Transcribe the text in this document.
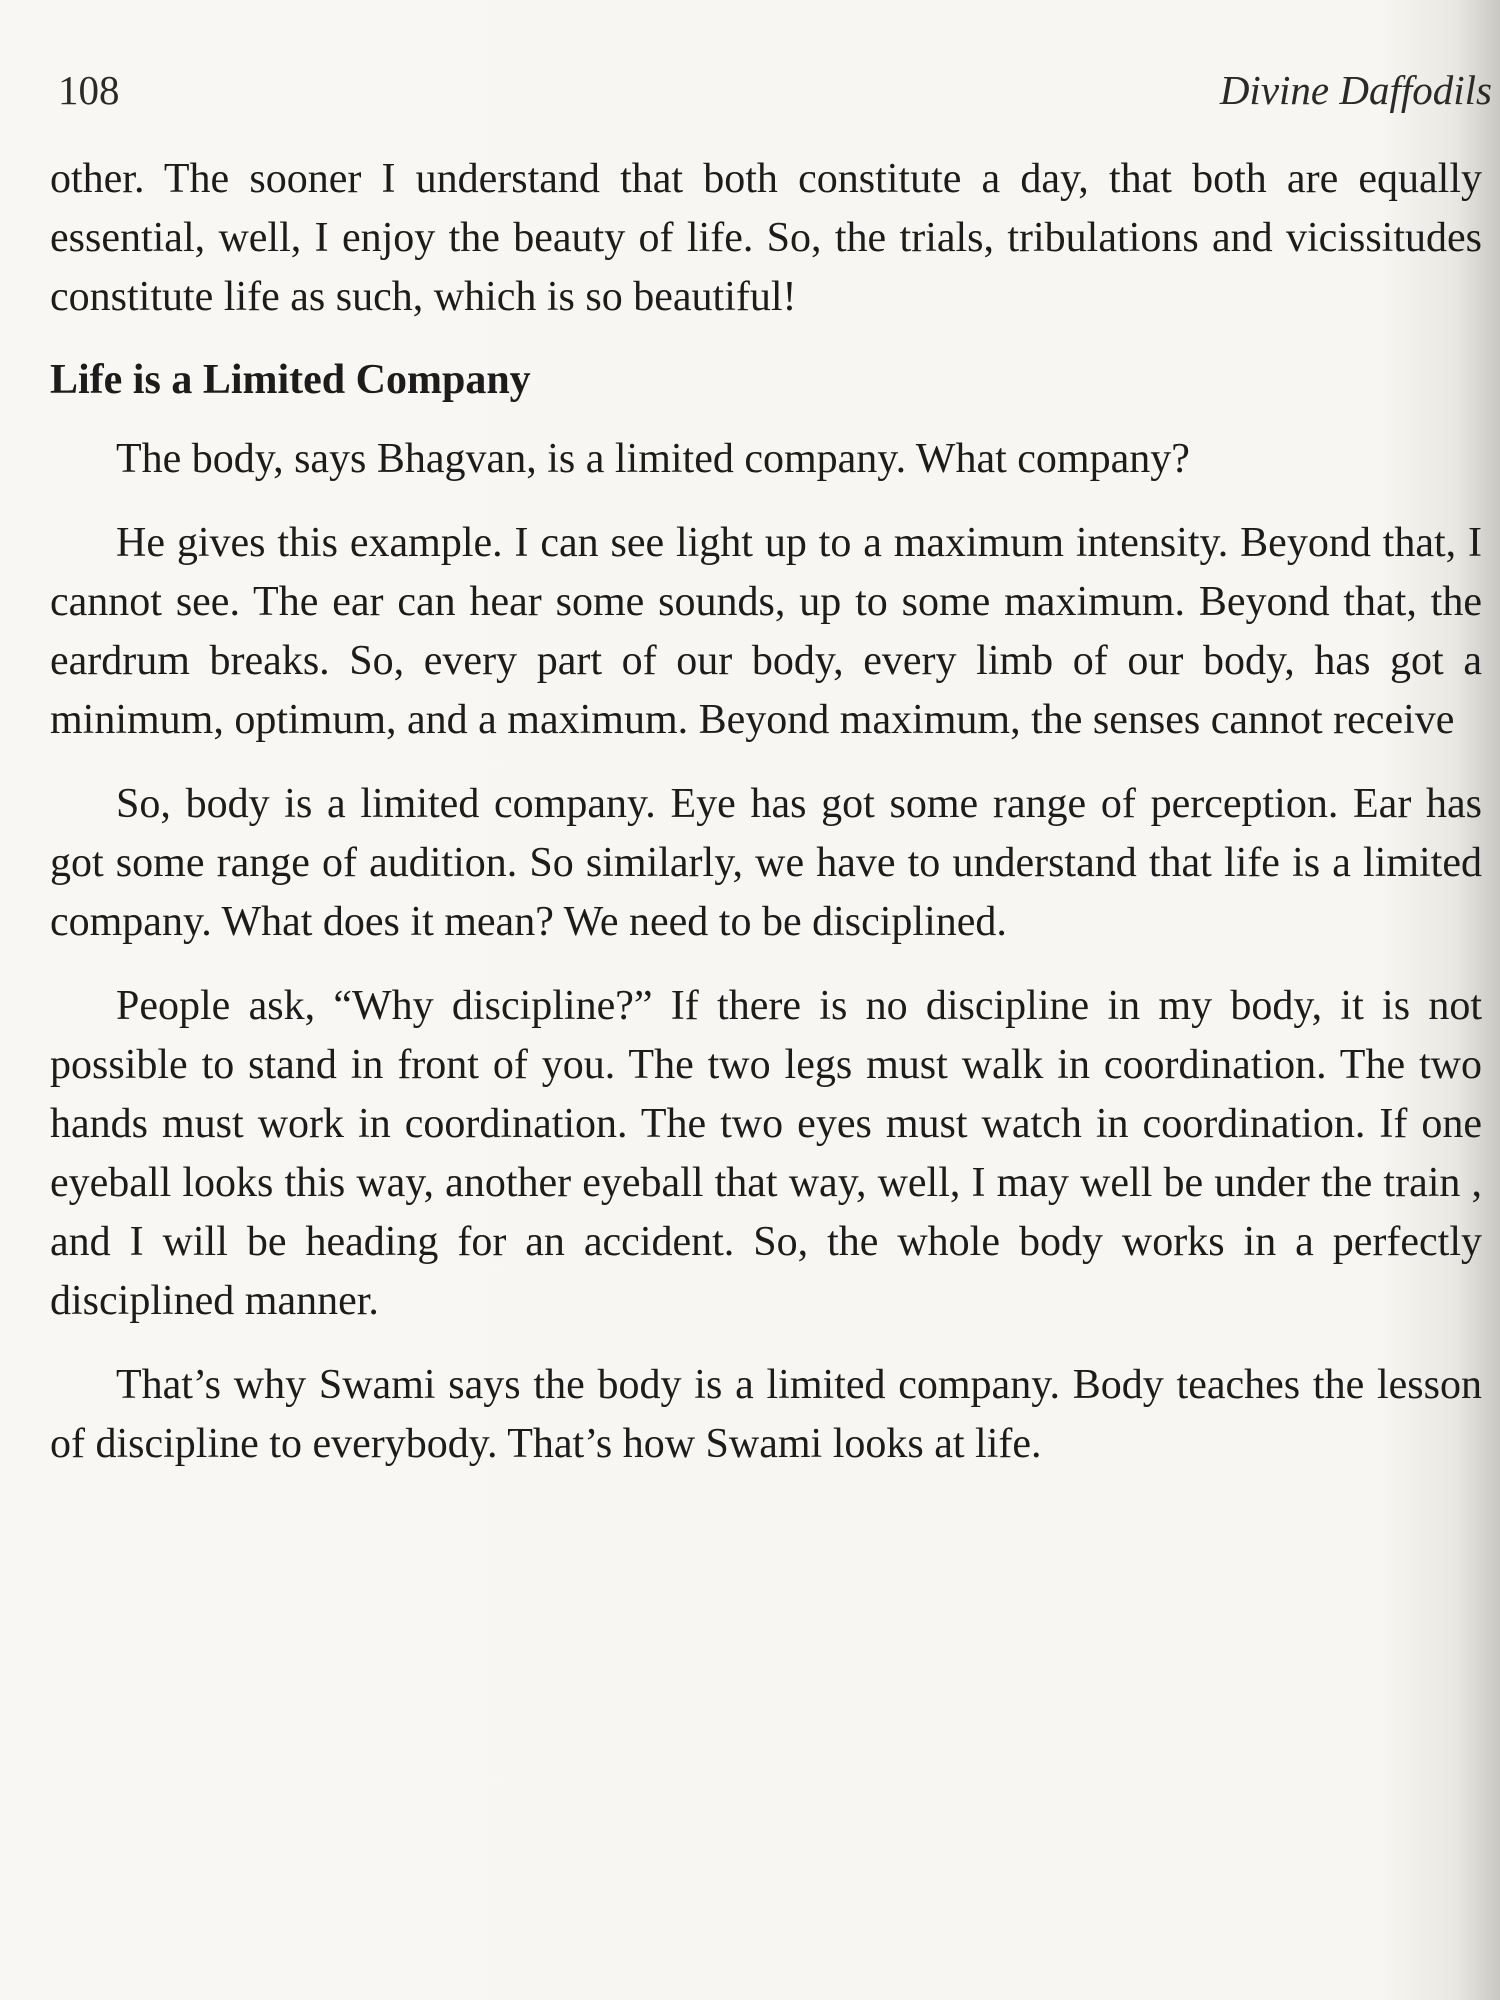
108	Divine Daffodils

other. The sooner I understand that both constitute a day, that both are equally essential, well, I enjoy the beauty of life. So, the trials, tribulations and vicissitudes constitute life as such, which is so beautiful!

Life is a Limited Company

The body, says Bhagvan, is a limited company. What company?

He gives this example. I can see light up to a maximum intensity. Beyond that, I cannot see. The ear can hear some sounds, up to some maximum. Beyond that, the eardrum breaks. So, every part of our body, every limb of our body, has got a minimum, optimum, and a maximum. Beyond maximum, the senses cannot receive

So, body is a limited company. Eye has got some range of perception. Ear has got some range of audition. So similarly, we have to understand that life is a limited company. What does it mean? We need to be disciplined.

People ask, “Why discipline?” If there is no discipline in my body, it is not possible to stand in front of you. The two legs must walk in coordination. The two hands must work in coordination. The two eyes must watch in coordination. If one eyeball looks this way, another eyeball that way, well, I may well be under the train , and I will be heading for an accident. So, the whole body works in a perfectly disciplined manner.

That’s why Swami says the body is a limited company. Body teaches the lesson of discipline to everybody. That’s how Swami looks at life.
